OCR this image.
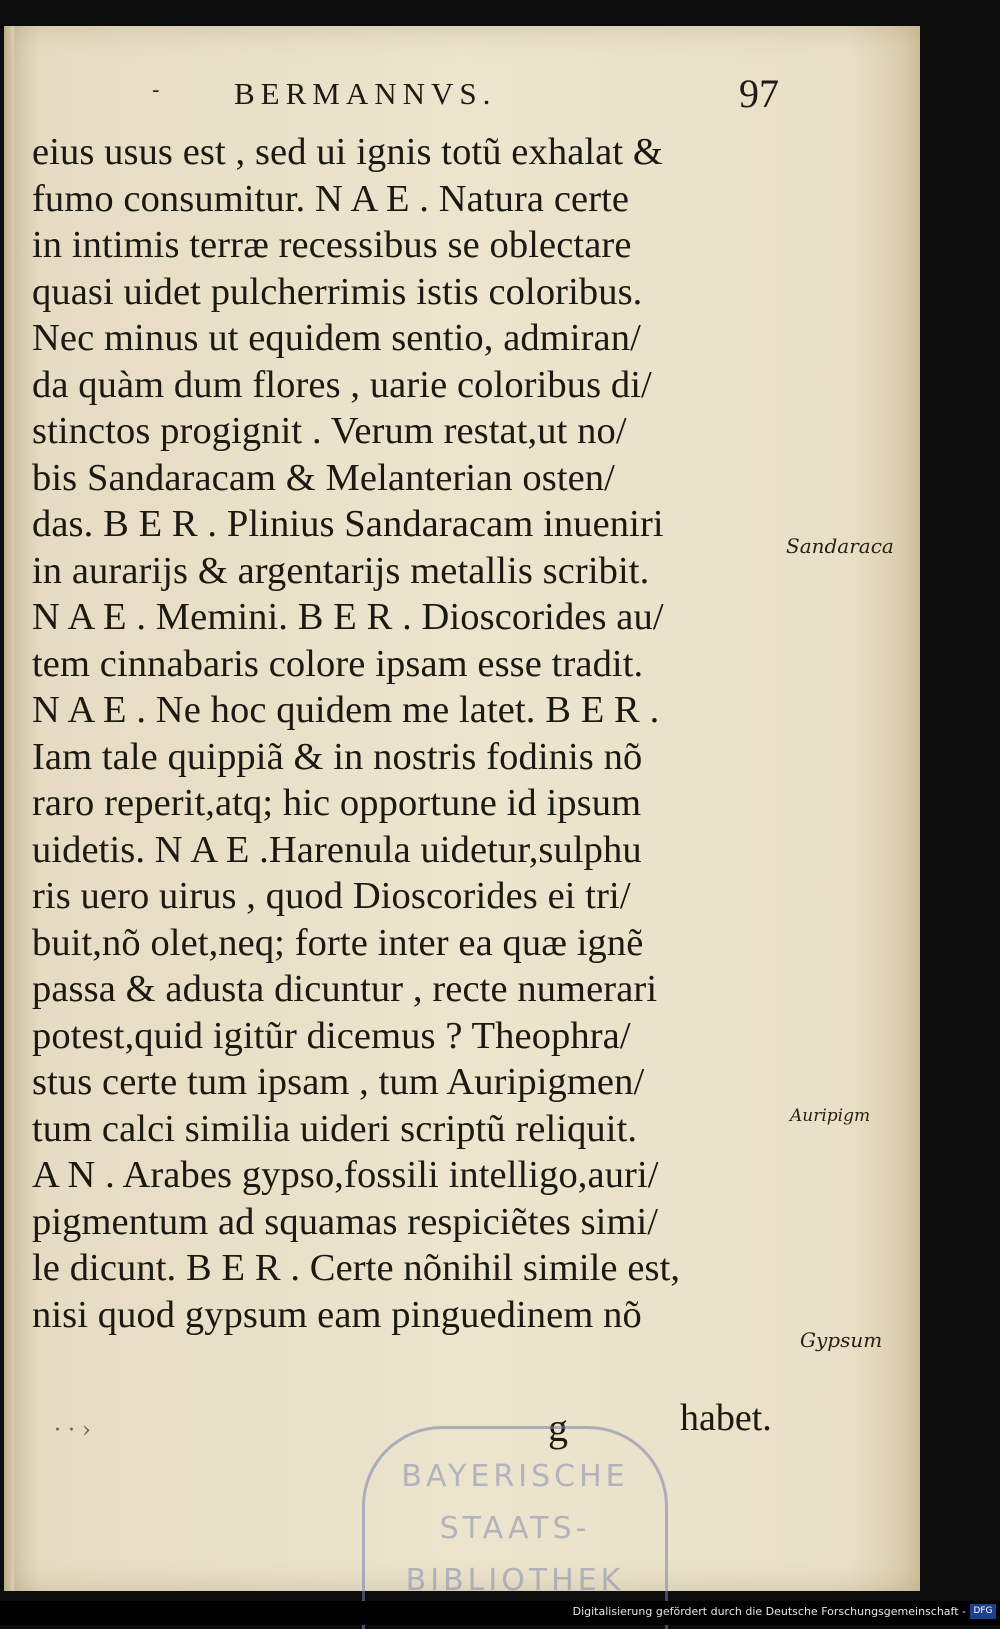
- BERMANNVS.	97
eius usus est , sed ui ignis totũ exhalat &
fumo consumitur. N A E . Natura certe
in intimis terræ recessibus se oblectare
quasi uidet pulcherrimis istis coloribus.
Nec minus ut equidem sentio, admiran/
da quàm dum flores , uarie coloribus di/
stinctos progignit . Verum restat,ut no/
bis Sandaracam & Melanterian osten/
das. B E R . Plinius Sandaracam inueniri
in aurarijs & argentarijs metallis scribit.
N A E . Memini. B E R . Dioscorides au/
tem cinnabaris colore ipsam esse tradit.
N A E . Ne hoc quidem me latet. B E R .
Iam tale quippiã & in nostris fodinis nõ
raro reperit,atq; hic opportune id ipsum
uidetis. N A E .Harenula uidetur,sulphu
ris uero uirus , quod Dioscorides ei tri/
buit,nõ olet,neq; forte inter ea quæ ignẽ
passa & adusta dicuntur , recte numerari
potest,quid igitũr dicemus ? Theophra/
stus certe tum ipsam , tum Auripigmen/
tum calci similia uideri scriptũ reliquit.
A N . Arabes gypso,fossili intelligo,auri/
pigmentum ad squamas respiciẽtes simi/
le dicunt. B E R . Certe nõnihil simile est,
nisi quod gypsum eam pinguedinem nõ
Sandaraca
Auripigm
Gypsum
· · ›	g	habet.
BAYERISCHE
STAATS-
BIBLIOTHEK
Digitalisierung gefördert durch die Deutsche Forschungsgemeinschaft - DFG
